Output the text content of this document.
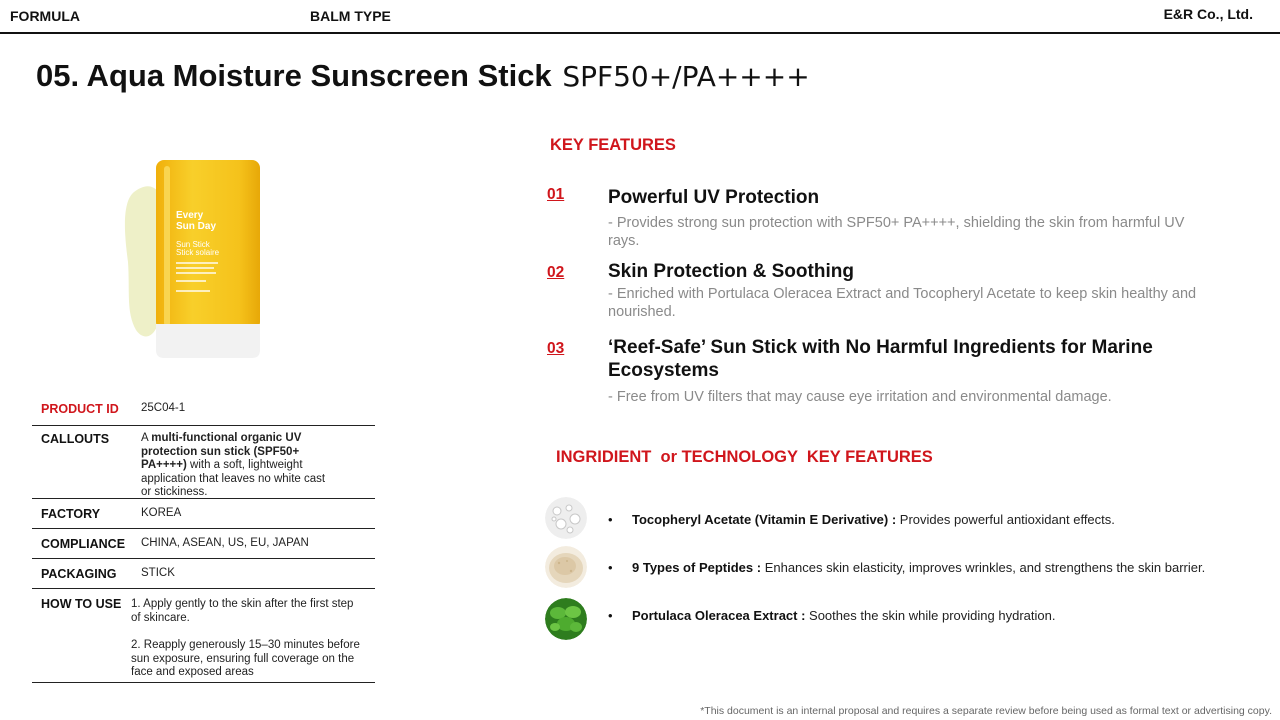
FORMULA	BALM TYPE	E&R Co., Ltd.
05. Aqua Moisture Sunscreen Stick SPF50+/PA++++
Every
Sun Day
Sun Stick
Stick solaire
PRODUCT ID	25C04-1
CALLOUTS	A multi-functional organic UV protection sun stick (SPF50+ PA++++) with a soft, lightweight application that leaves no white cast or stickiness.
FACTORY	KOREA
COMPLIANCE	CHINA, ASEAN, US, EU, JAPAN
PACKAGING	STICK
HOW TO USE 1. Apply gently to the skin after the first step of skincare.
2. Reapply generously 15–30 minutes before sun exposure, ensuring full coverage on the face and exposed areas
KEY FEATURES
01 Powerful UV Protection
- Provides strong sun protection with SPF50+ PA++++, shielding the skin from harmful UV rays.
02 Skin Protection & Soothing
- Enriched with Portulaca Oleracea Extract and Tocopheryl Acetate to keep skin healthy and nourished.
03 ‘Reef-Safe’ Sun Stick with No Harmful Ingredients for Marine Ecosystems
- Free from UV filters that may cause eye irritation and environmental damage.
INGRIDIENT  or TECHNOLOGY  KEY FEATURES
• Tocopheryl Acetate (Vitamin E Derivative) : Provides powerful antioxidant effects.
• 9 Types of Peptides : Enhances skin elasticity, improves wrinkles, and strengthens the skin barrier.
• Portulaca Oleracea Extract : Soothes the skin while providing hydration.
*This document is an internal proposal and requires a separate review before being used as formal text or advertising copy.
